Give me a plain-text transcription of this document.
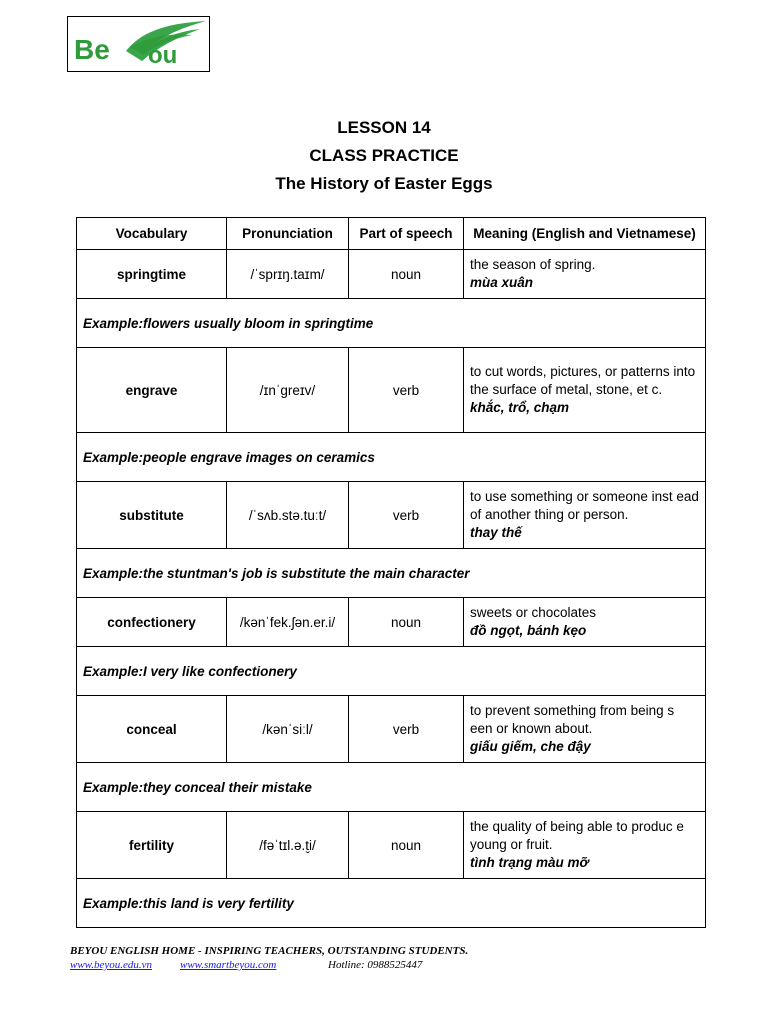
Be ou
LESSON 14
CLASS PRACTICE
The History of Easter Eggs
Vocabulary	Pronunciation	Part of speech	Meaning (English and Vietnamese)
springtime	/ˈsprɪŋ.taɪm/	noun	the season of spring.
mùa xuân

Example:flowers usually bloom in springtime			
engrave	/ɪnˈɡreɪv/	verb	to cut words, pictures, or patterns into the surface of metal, stone, et c.
khắc, trổ, chạm

Example:people engrave images on ceramics			
substitute	/ˈsʌb.stə.tuːt/	verb	to use something or someone inst ead of another thing or person.
thay thế

Example:the stuntman's job is substitute the main character			
confectionery	/kənˈfek.ʃən.er.i/	noun	sweets or chocolates
đồ ngọt, bánh kẹo

Example:I very like confectionery			
conceal	/kənˈsiːl/	verb	to prevent something from being s een or known about.
giấu giếm, che đậy

Example:they conceal their mistake			
fertility	/fəˈtɪl.ə.t̬i/	noun	the quality of being able to produc e young or fruit.
tình trạng màu mỡ

Example:this land is very fertility			
BEYOU ENGLISH HOME - INSPIRING TEACHERS, OUTSTANDING STUDENTS.
www.beyou.edu.vn	www.smartbeyou.com	Hotline: 0988525447
